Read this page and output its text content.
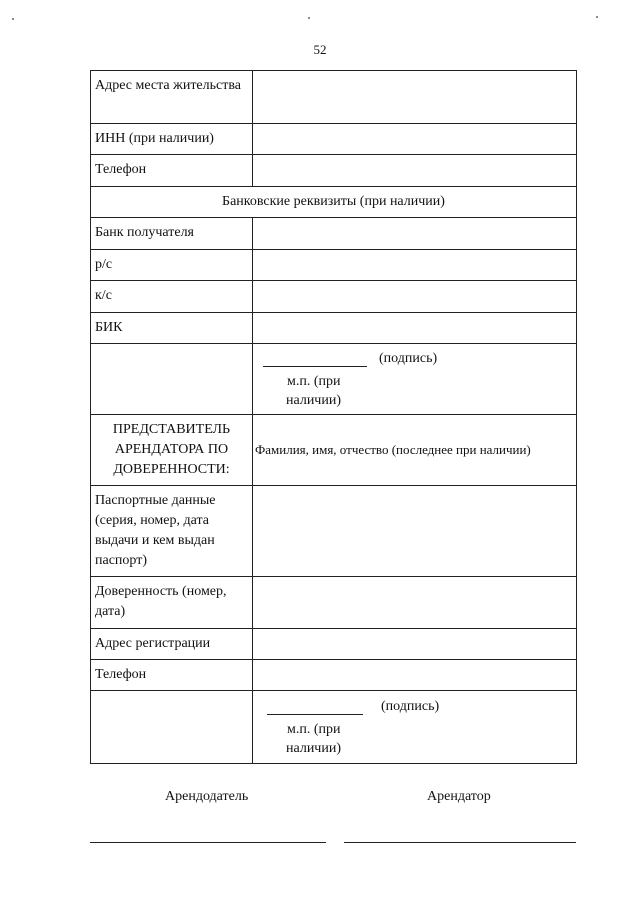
52
Адрес места жительства	
ИНН (при наличии)	
Телефон	
Банковские реквизиты (при наличии)	
Банк получателя	
р/с	
к/с	
БИК	

	(подпись)
м.п. (при
наличии)

ПРЕДСТАВИТЕЛЬ
АРЕНДАТОРА ПО
ДОВЕРЕННОСТИ:	Фамилия, имя, отчество (последнее при наличии)

Паспортные данные
(серия, номер, дата
выдачи и кем выдан
паспорт)	

Доверенность (номер,
дата)	

Адрес регистрации	
Телефон	

	(подпись)
м.п. (при
наличии)
Арендодатель	Арендатор
